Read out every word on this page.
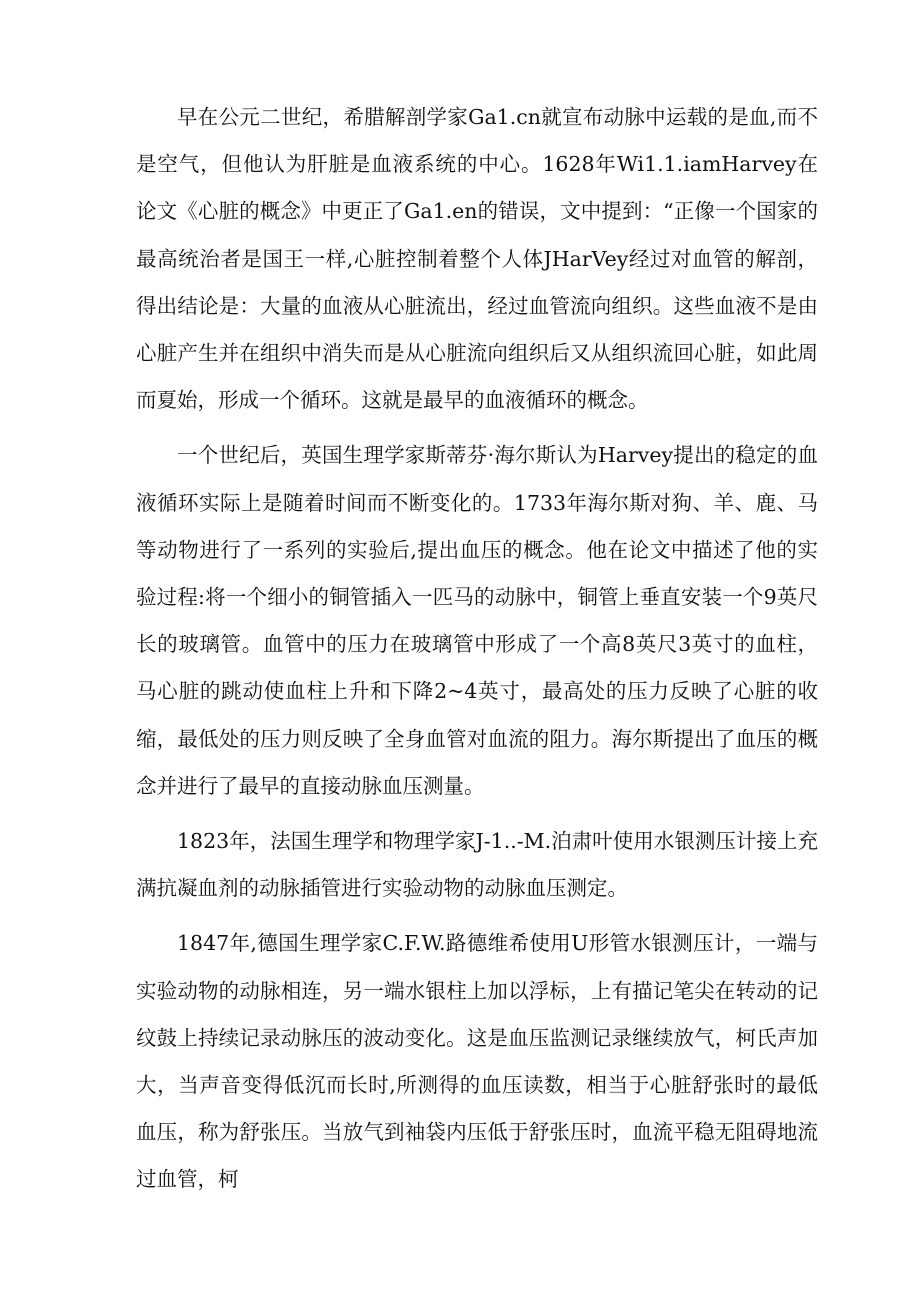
早在公元二世纪，希腊解剖学家Ga1.cn就宣布动脉中运载的是血,而不是空气，但他认为肝脏是血液系统的中心。1628年Wi1.1.iamHarvey在论文《心脏的概念》中更正了Ga1.en的错误，文中提到：“正像一个国家的最高统治者是国王一样,心脏控制着整个人体JHarVey经过对血管的解剖，得出结论是：大量的血液从心脏流出，经过血管流向组织。这些血液不是由心脏产生并在组织中消失而是从心脏流向组织后又从组织流回心脏，如此周而夏始，形成一个循环。这就是最早的血液循环的概念。

一个世纪后，英国生理学家斯蒂芬·海尔斯认为Harvey提出的稳定的血液循环实际上是随着时间而不断变化的。1733年海尔斯对狗、羊、鹿、马等动物进行了一系列的实验后,提出血压的概念。他在论文中描述了他的实验过程:将一个细小的铜管插入一匹马的动脉中，铜管上垂直安装一个9英尺长的玻璃管。血管中的压力在玻璃管中形成了一个高8英尺3英寸的血柱，马心脏的跳动使血柱上升和下降2~4英寸，最高处的压力反映了心脏的收缩，最低处的压力则反映了全身血管对血流的阻力。海尔斯提出了血压的概念并进行了最早的直接动脉血压测量。

1823年，法国生理学和物理学家J-1..-M.泊肃叶使用水银测压计接上充满抗凝血剂的动脉插管进行实验动物的动脉血压测定。

1847年,德国生理学家C.F.W.路德维希使用U形管水银测压计，一端与实验动物的动脉相连，另一端水银柱上加以浮标，上有描记笔尖在转动的记纹鼓上持续记录动脉压的波动变化。这是血压监测记录继续放气，柯氏声加大，当声音变得低沉而长时,所测得的血压读数，相当于心脏舒张时的最低血压，称为舒张压。当放气到袖袋内压低于舒张压时，血流平稳无阻碍地流过血管，柯
